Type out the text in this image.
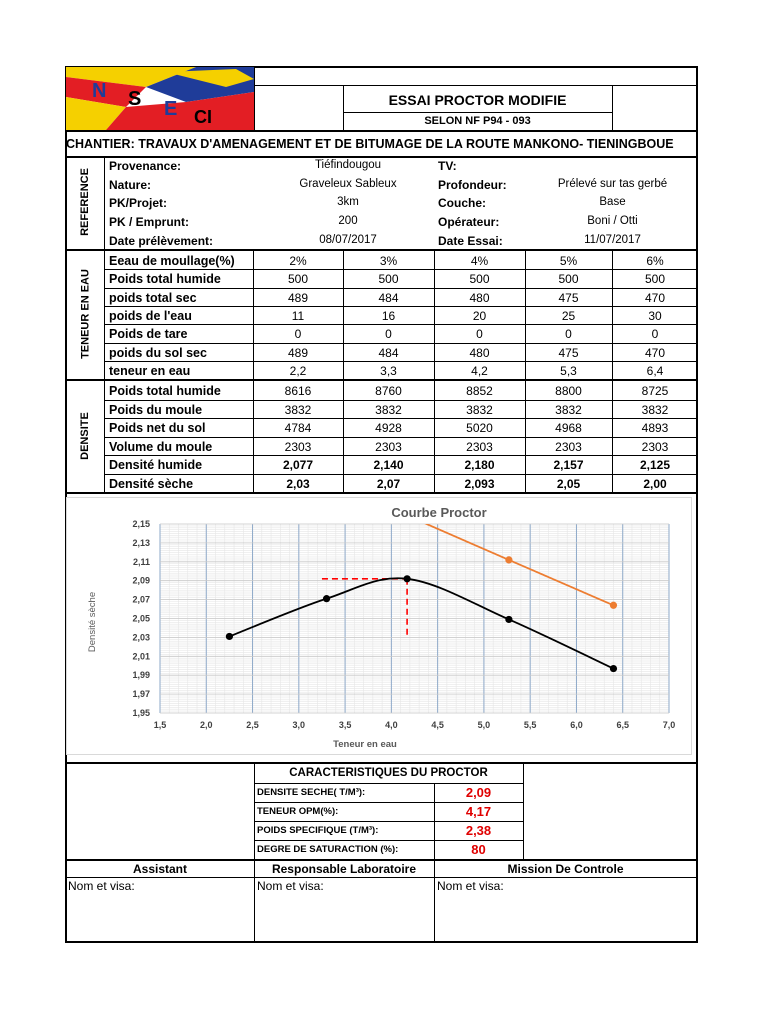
N S E CI
ESSAI PROCTOR MODIFIE
SELON NF P94 - 093
CHANTIER: TRAVAUX D'AMENAGEMENT ET DE BITUMAGE DE LA ROUTE MANKONO- TIENINGBOUE
REFERENCE
Provenance:	Tiéfindougou
Nature:	Graveleux Sableux
PK/Projet:	3km
PK / Emprunt:	200
Date prélèvement:	08/07/2017
TV:
Profondeur:	Prélevé sur tas gerbé
Couche:	Base
Opérateur:	Boni / Otti
Date Essai:	11/07/2017
TENEUR EN EAU
Eeau de moullage(%)	2%	3%	4%	5%	6%
Poids total humide	500	500	500	500	500
poids total sec	489	484	480	475	470
poids de l'eau	11	16	20	25	30
Poids de tare	0	0	0	0	0
poids du sol sec	489	484	480	475	470
teneur en eau	2,2	3,3	4,2	5,3	6,4
DENSITE
Poids total humide	8616	8760	8852	8800	8725
Poids du moule	3832	3832	3832	3832	3832
Poids net du sol	4784	4928	5020	4968	4893
Volume du moule	2303	2303	2303	2303	2303
Densité humide	2,077	2,140	2,180	2,157	2,125
Densité sèche	2,03	2,07	2,093	2,05	2,00
Courbe Proctor
Teneur en eau
Densité sèche
1,5	2,0	2,5	3,0	3,5	4,0	4,5	5,0	5,5	6,0	6,5	7,0
2,15
2,13
2,11
2,09
2,07
2,05
2,03
2,01
1,99
1,97
1,95
CARACTERISTIQUES DU PROCTOR
DENSITE SECHE( T/M³):	2,09
TENEUR OPM(%):	4,17
POIDS SPECIFIQUE (T/M³):	2,38
DEGRE DE SATURACTION (%):	80
Assistant	Responsable Laboratoire	Mission De Controle
Nom et visa:	Nom et visa:	Nom et visa:
